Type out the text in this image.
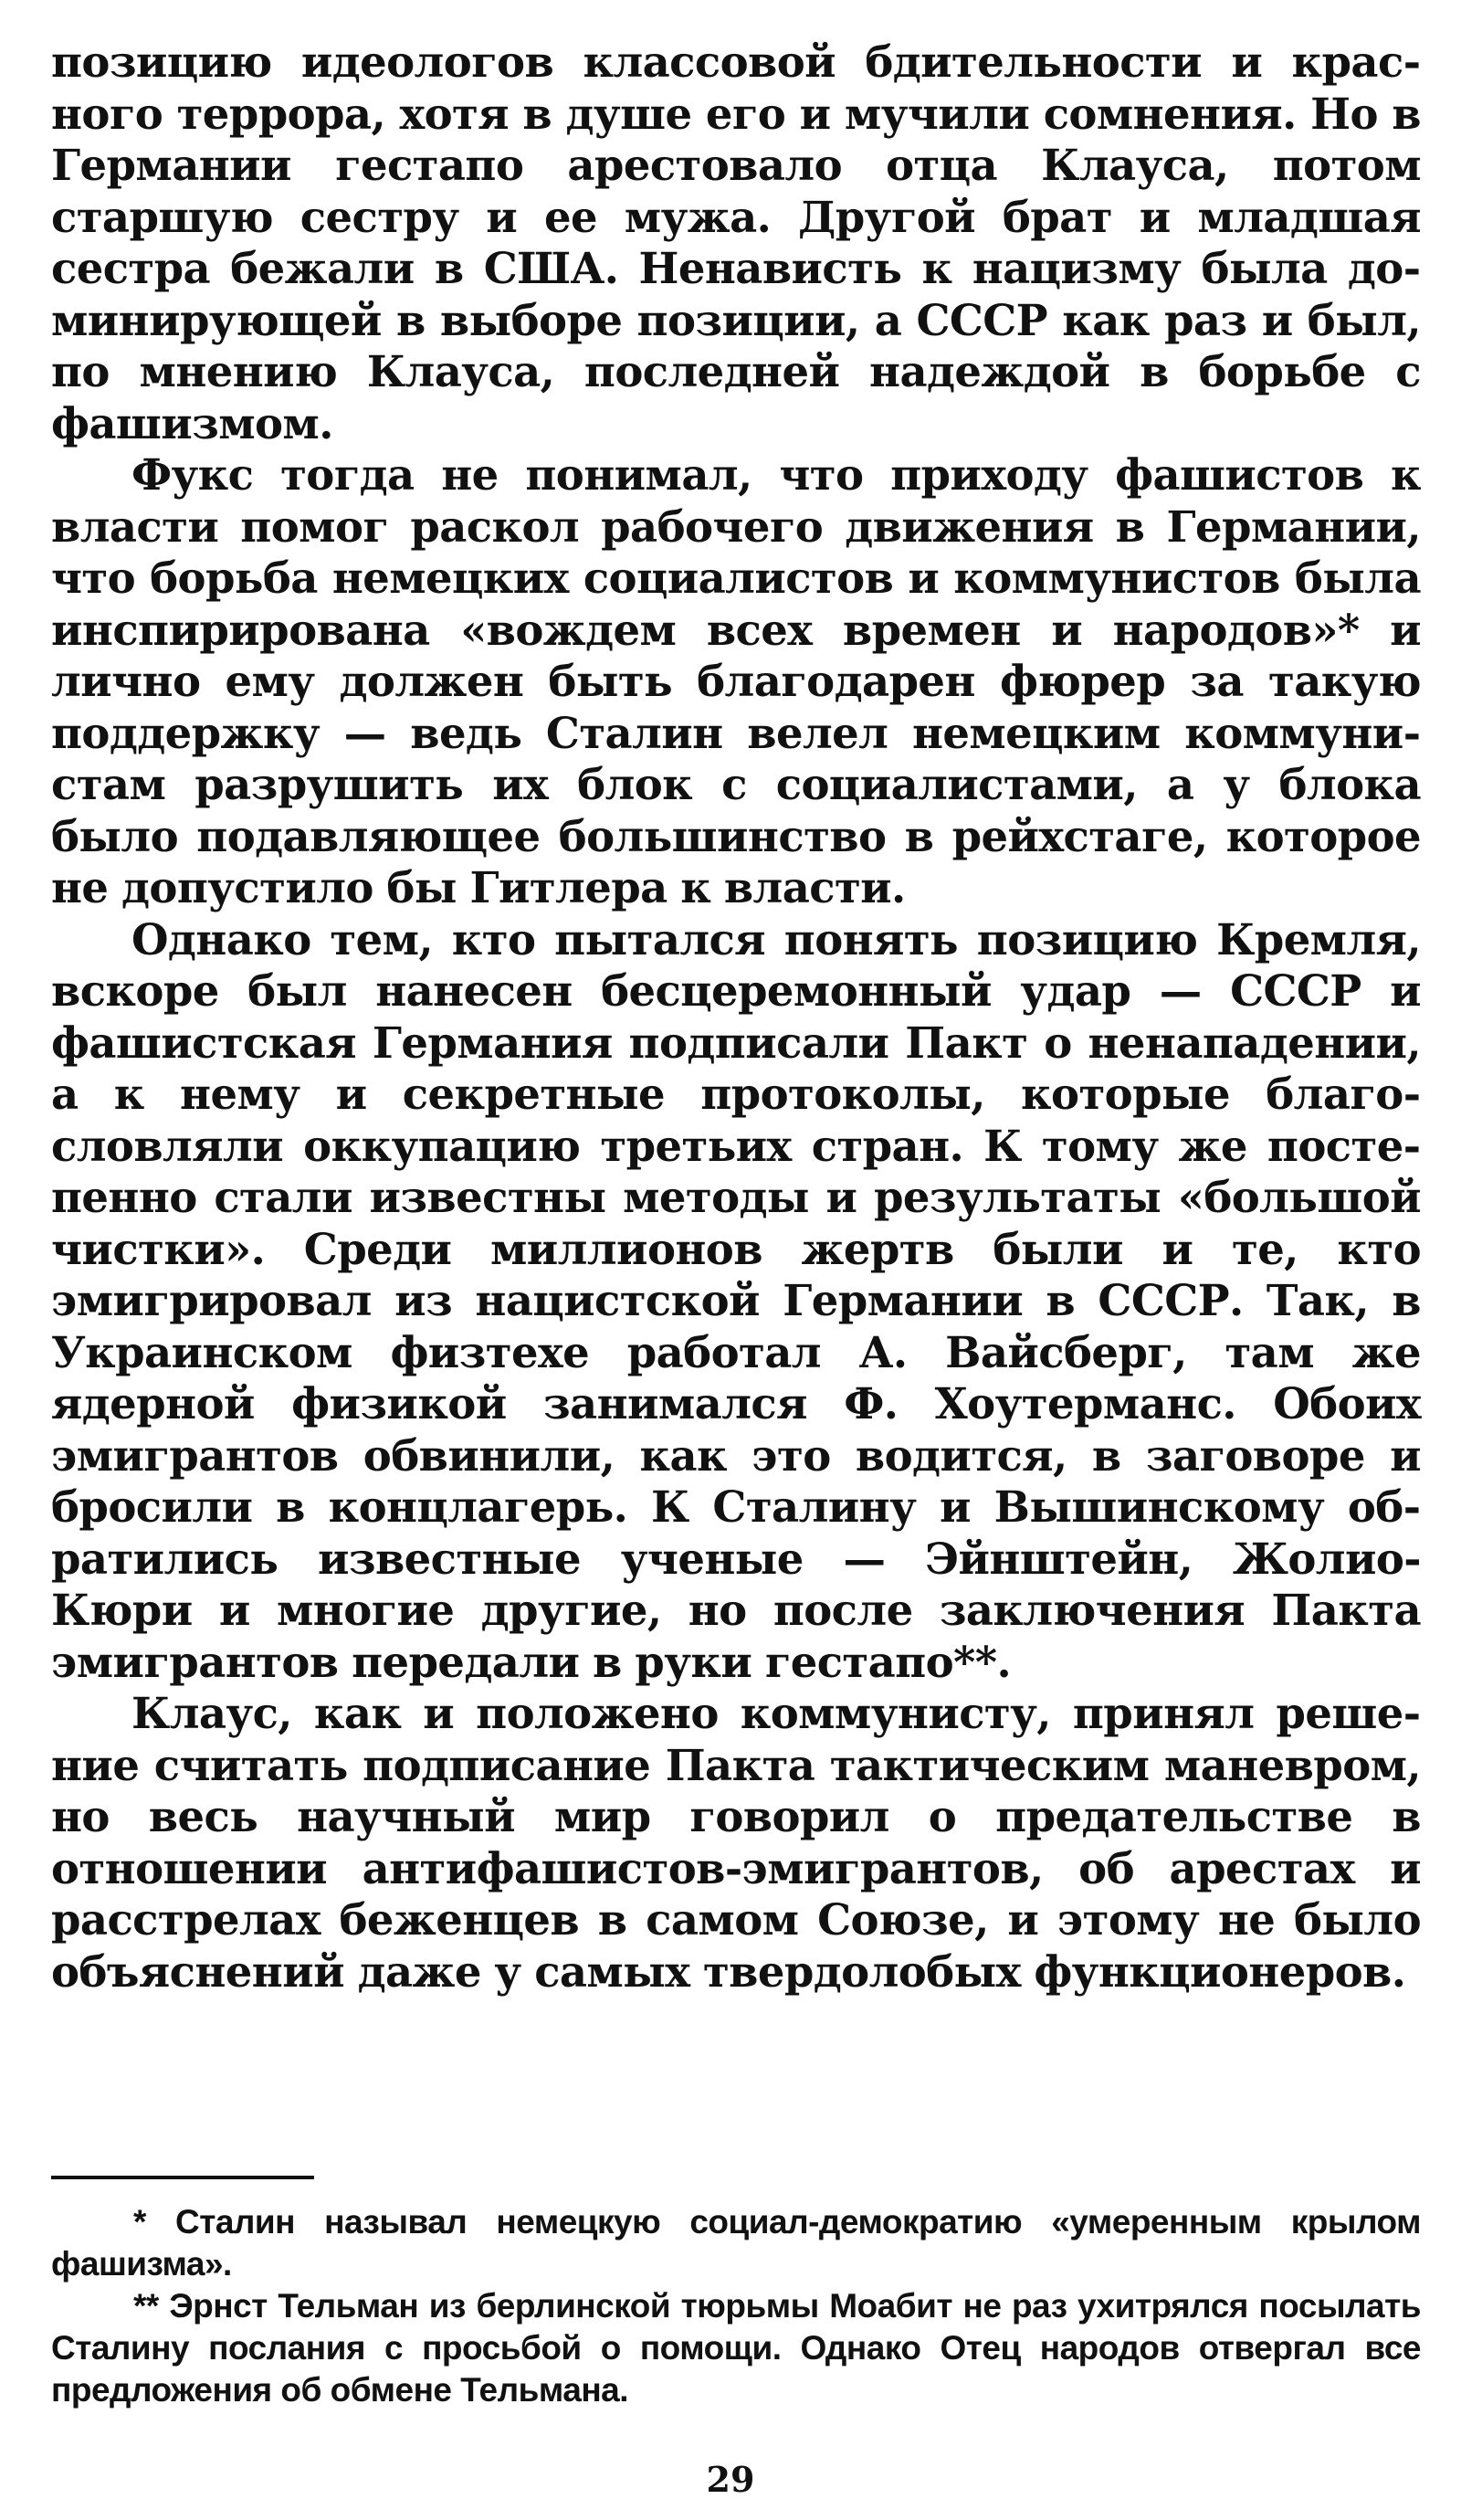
позицию идеологов классовой бдительности и красного террора, хотя в душе его и мучили сомнения. Но в Германии гестапо арестовало отца Клауса, потом старшую сестру и ее мужа. Другой брат и младшая сестра бежали в США. Ненависть к нацизму была доминирующей в выборе позиции, а СССР как раз и был, по мнению Клауса, последней надеждой в борьбе с фашизмом.

Фукс тогда не понимал, что приходу фашистов к власти помог раскол рабочего движения в Германии, что борьба немецких социалистов и коммунистов была инспирирована «вождем всех времен и народов»* и лично ему должен быть благодарен фюрер за такую поддержку — ведь Сталин велел немецким коммунистам разрушить их блок с социалистами, а у блока было подавляющее большинство в рейхстаге, которое не допустило бы Гитлера к власти.

Однако тем, кто пытался понять позицию Кремля, вскоре был нанесен бесцеремонный удар — СССР и фашистская Германия подписали Пакт о ненападении, а к нему и секретные протоколы, которые благословляли оккупацию третьих стран. К тому же постепенно стали известны методы и результаты «большой чистки». Среди миллионов жертв были и те, кто эмигрировал из нацистской Германии в СССР. Так, в Украинском физтехе работал А. Вайсберг, там же ядерной физикой занимался Ф. Хоутерманс. Обоих эмигрантов обвинили, как это водится, в заговоре и бросили в концлагерь. К Сталину и Вышинскому обратились известные ученые — Эйнштейн, Жолио-Кюри и многие другие, но после заключения Пакта эмигрантов передали в руки гестапо**.

Клаус, как и положено коммунисту, принял решение считать подписание Пакта тактическим маневром, но весь научный мир говорил о предательстве в отношении антифашистов-эмигрантов, об арестах и расстрелах беженцев в самом Союзе, и этому не было объяснений даже у самых твердолобых функционеров.

* Сталин называл немецкую социал-демократию «умеренным крылом фашизма».

** Эрнст Тельман из берлинской тюрьмы Моабит не раз ухитрялся посылать Сталину послания с просьбой о помощи. Однако Отец народов отвергал все предложения об обмене Тельмана.

29
